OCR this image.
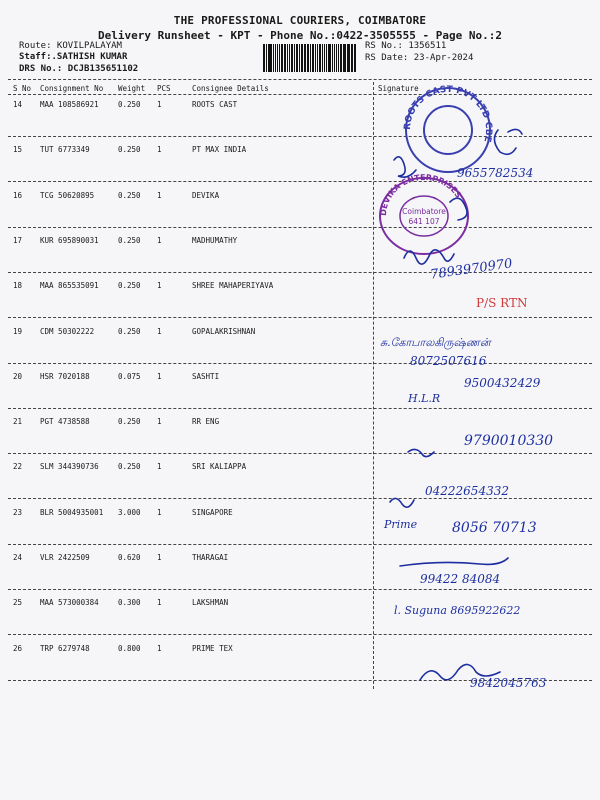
THE PROFESSIONAL COURIERS, COIMBATORE
Delivery Runsheet - KPT - Phone No.:0422-3505555 - Page No.:2
Route: KOVILPALAYAM
Staff:.SATHISH KUMAR
DRS No.: DCJB135651102
RS No.: 1356511
RS Date: 23-Apr-2024
S No Consignment No Weight PCS	Consignee Details	Signature
14 MAA 108586921	0.250 1	ROOTS CAST
15 TUT 6773349	0.250 1	PT MAX INDIA
16 TCG 50620895	0.250 1	DEVIKA
17 KUR 695890031	0.250 1	MADHUMATHY
18 MAA 865535091	0.250 1	SHREE MAHAPERIYAVA
19 CDM 50302222	0.250 1	GOPALAKRISHNAN
20 HSR 7020188	0.075 1	SASHTI
21 PGT 4738588	0.250 1	RR ENG
22 SLM 344390736	0.250 1	SRI KALIAPPA
23 BLR 5004935001 3.000 1	SINGAPORE
24 VLR 2422509	0.620 1	THARAGAI
25 MAA 573000384	0.300 1	LAKSHMAN
26 TRP 6279748	0.800 1	PRIME TEX
ROOTS CAST PVT LTD CBE
DEVIKA ENTERPRISES
Coimbatore
641 107
9655782534
7893970970
P/S RTN
சு.கோபாலகிருஷ்ணன்
8072507616
9500432429
H.L.R
9790010330
04222654332
Prime 8056 70713
99422 84084
l. Suguna 8695922622
9842045763
